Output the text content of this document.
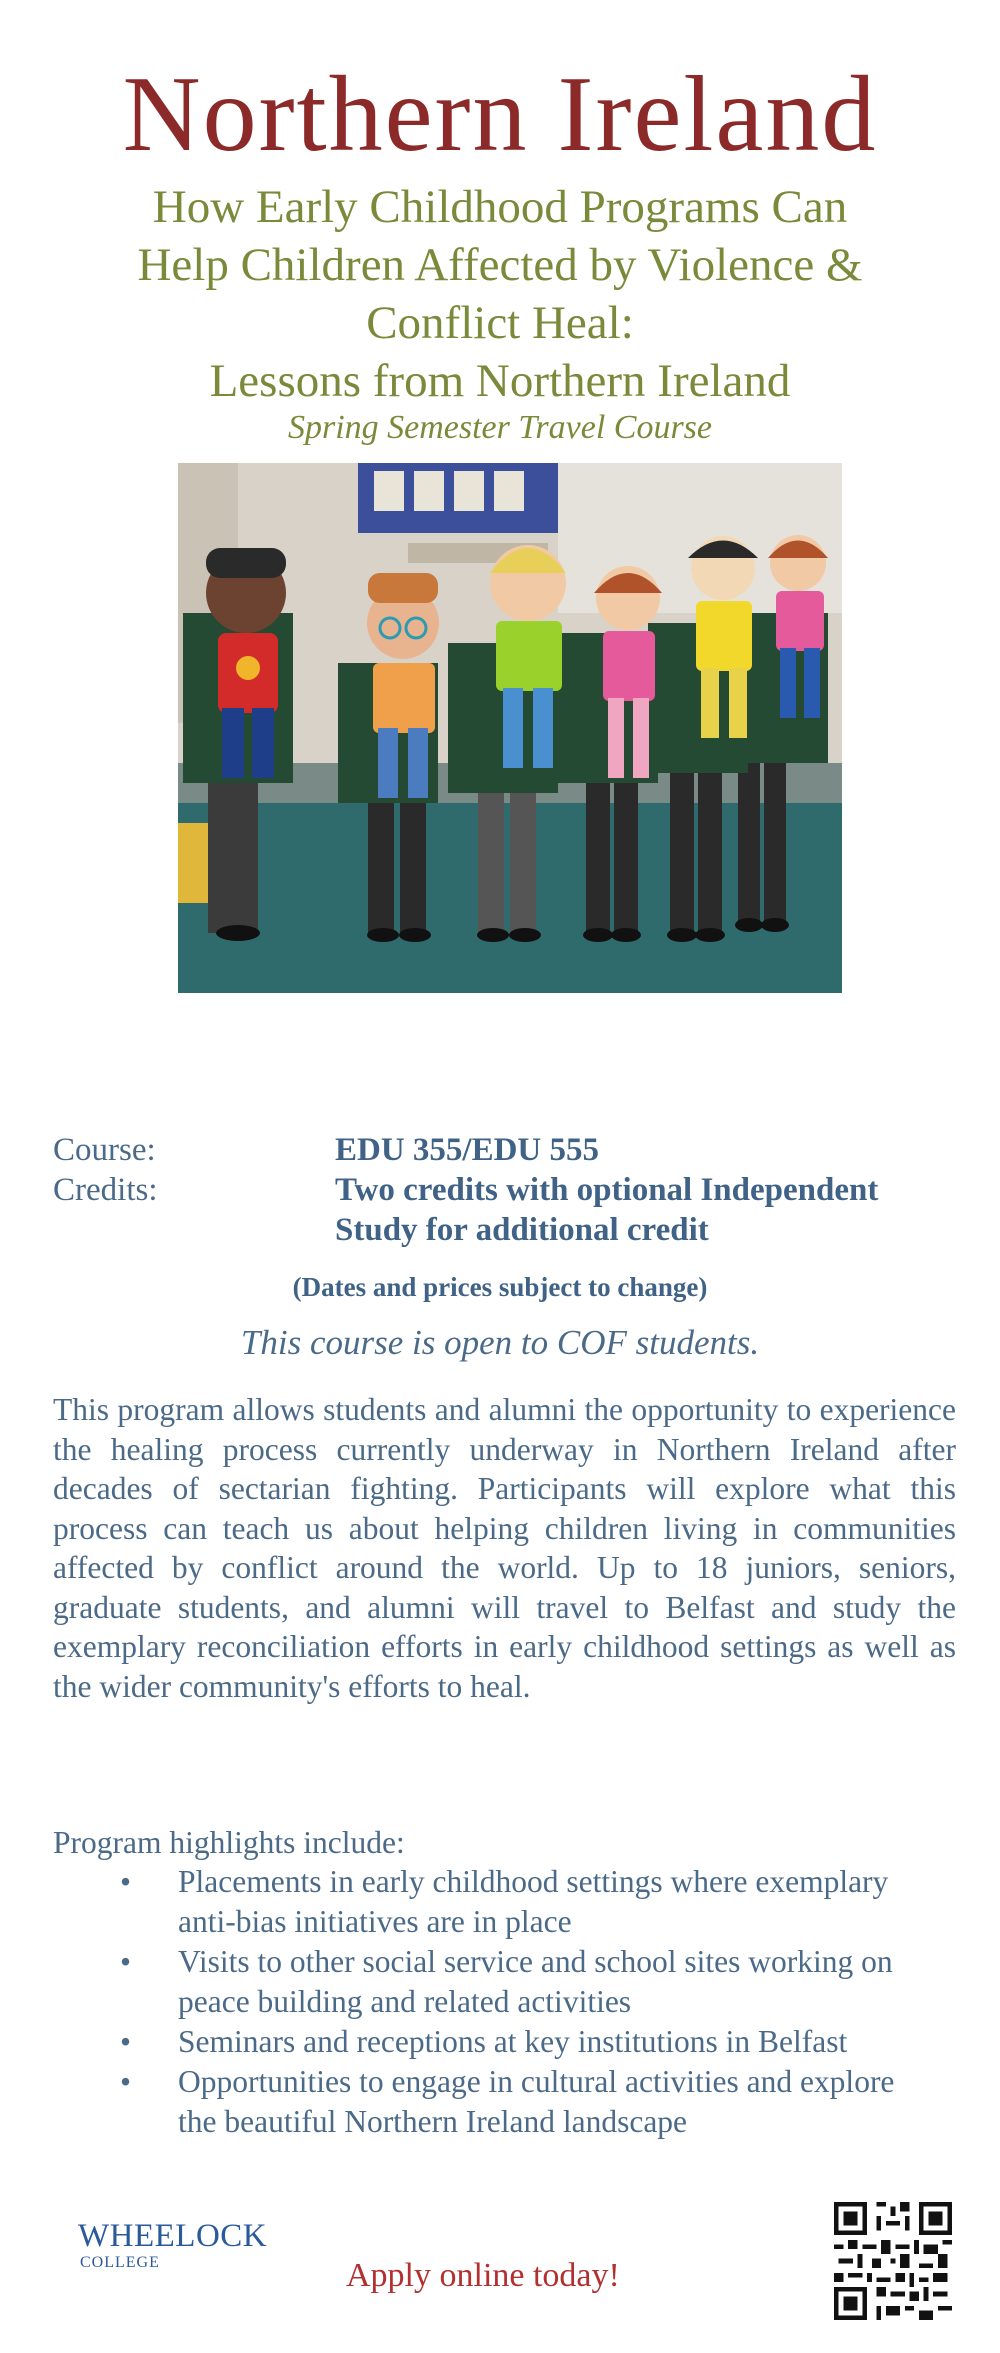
Northern Ireland
How Early Childhood Programs Can
Help Children Affected by Violence &
Conflict Heal:
Lessons from Northern Ireland
Spring Semester Travel Course
Course:	EDU 355/EDU 555
Credits:	Two credits with optional Independent
Study for additional credit
(Dates and prices subject to change)
This course is open to COF students.
This program allows students and alumni the opportunity to experience the healing process currently underway in Northern Ireland after decades of sectarian fighting. Participants will explore what this process can teach us about helping children living in communities affected by conflict around the world. Up to 18 juniors, seniors, graduate students, and alumni will travel to Belfast and study the exemplary reconciliation efforts in early childhood settings as well as the wider community's efforts to heal.
Program highlights include:
• Placements in early childhood settings where exemplary anti-bias initiatives are in place
• Visits to other social service and school sites working on peace building and related activities
• Seminars and receptions at key institutions in Belfast
• Opportunities to engage in cultural activities and explore the beautiful Northern Ireland landscape
WHEELOCK
COLLEGE	Apply online today!
